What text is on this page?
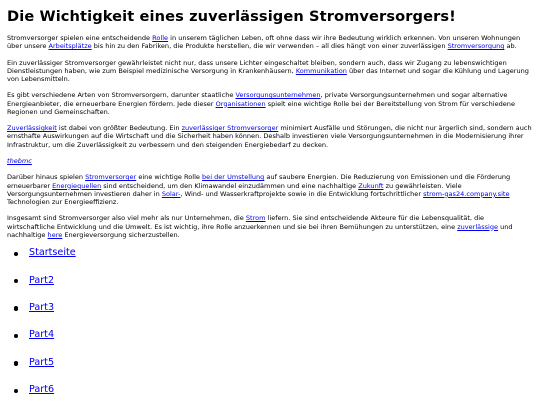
Die Wichtigkeit eines zuverlässigen Stromversorgers!

Stromversorger spielen eine entscheidende Rolle in unserem täglichen Leben, oft ohne dass wir ihre Bedeutung wirklich erkennen. Von unseren Wohnungen über unsere Arbeitsplätze bis hin zu den Fabriken, die Produkte herstellen, die wir verwenden – all dies hängt von einer zuverlässigen Stromversorgung ab.

Ein zuverlässiger Stromversorger gewährleistet nicht nur, dass unsere Lichter eingeschaltet bleiben, sondern auch, dass wir Zugang zu lebenswichtigen Dienstleistungen haben, wie zum Beispiel medizinische Versorgung in Krankenhäusern, Kommunikation über das Internet und sogar die Kühlung und Lagerung von Lebensmitteln.

Es gibt verschiedene Arten von Stromversorgern, darunter staatliche Versorgungsunternehmen, private Versorgungsunternehmen und sogar alternative Energieanbieter, die erneuerbare Energien fördern. Jede dieser Organisationen spielt eine wichtige Rolle bei der Bereitstellung von Strom für verschiedene Regionen und Gemeinschaften.

Zuverlässigkeit ist dabei von größter Bedeutung. Ein zuverlässiger Stromversorger minimiert Ausfälle und Störungen, die nicht nur ärgerlich sind, sondern auch ernsthafte Auswirkungen auf die Wirtschaft und die Sicherheit haben können. Deshalb investieren viele Versorgungsunternehmen in die Modernisierung ihrer Infrastruktur, um die Zuverlässigkeit zu verbessern und den steigenden Energiebedarf zu decken.

thebmc

Darüber hinaus spielen Stromversorger eine wichtige Rolle bei der Umstellung auf saubere Energien. Die Reduzierung von Emissionen und die Förderung erneuerbarer Energiequellen sind entscheidend, um den Klimawandel einzudämmen und eine nachhaltige Zukunft zu gewährleisten. Viele Versorgungsunternehmen investieren daher in Solar-, Wind- und Wasserkraftprojekte sowie in die Entwicklung fortschrittlicher strom-gas24.company.site Technologien zur Energieeffizienz.

Insgesamt sind Stromversorger also viel mehr als nur Unternehmen, die Strom liefern. Sie sind entscheidende Akteure für die Lebensqualität, die wirtschaftliche Entwicklung und die Umwelt. Es ist wichtig, ihre Rolle anzuerkennen und sie bei ihren Bemühungen zu unterstützen, eine zuverlässige und nachhaltige here Energieversorgung sicherzustellen.

Startseite
Part2
Part3
Part4
Part5
Part6
